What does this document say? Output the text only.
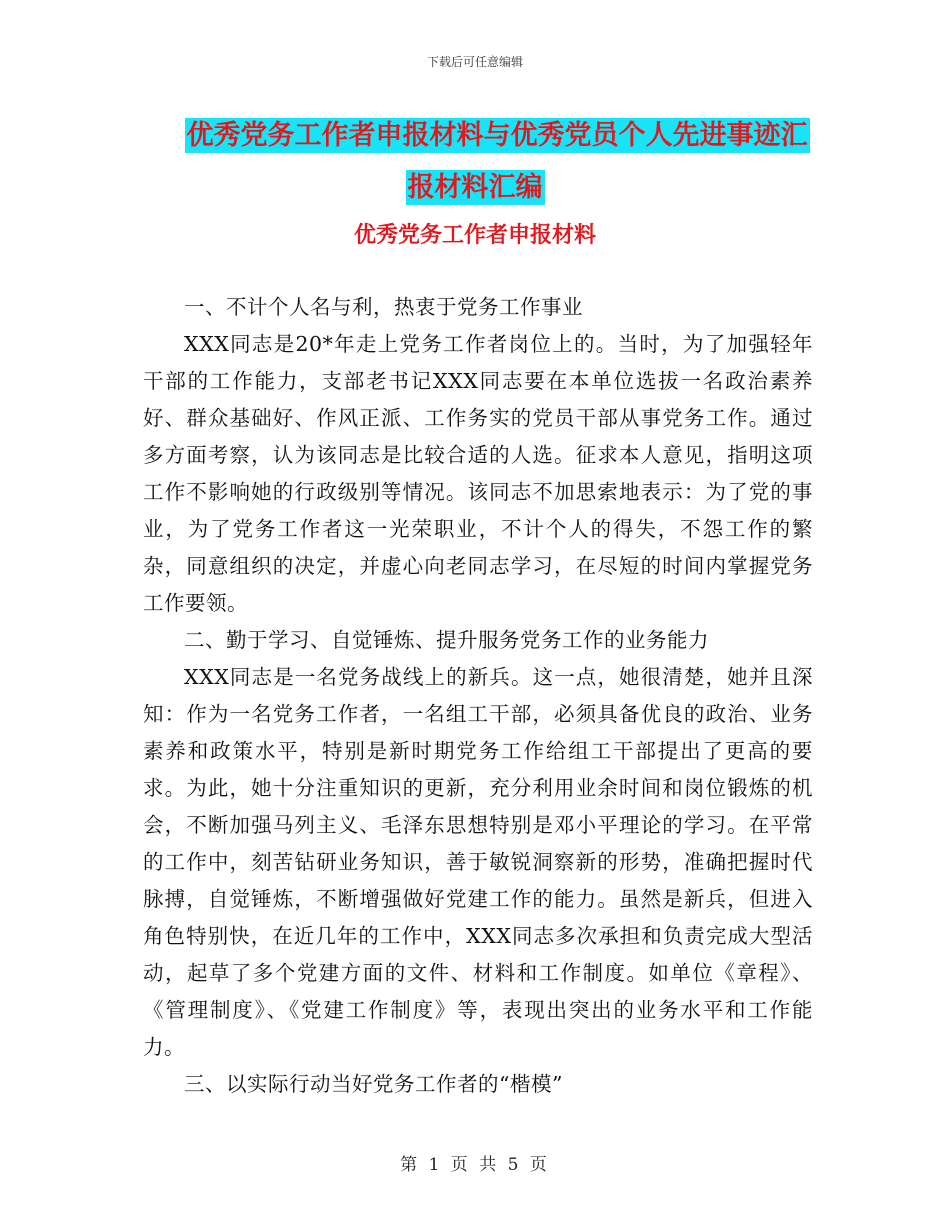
下载后可任意编辑
优秀党务工作者申报材料与优秀党员个人先进事迹汇
报材料汇编
优秀党务工作者申报材料

一、不计个人名与利，热衷于党务工作事业

XXX同志是20*年走上党务工作者岗位上的。当时，为了加强轻年干部的工作能力，支部老书记XXX同志要在本单位选拔一名政治素养好、群众基础好、作风正派、工作务实的党员干部从事党务工作。通过多方面考察，认为该同志是比较合适的人选。征求本人意见，指明这项工作不影响她的行政级别等情况。该同志不加思索地表示：为了党的事业，为了党务工作者这一光荣职业，不计个人的得失，不怨工作的繁杂，同意组织的决定，并虚心向老同志学习，在尽短的时间内掌握党务工作要领。

二、勤于学习、自觉锤炼、提升服务党务工作的业务能力

XXX同志是一名党务战线上的新兵。这一点，她很清楚，她并且深知：作为一名党务工作者，一名组工干部，必须具备优良的政治、业务素养和政策水平，特别是新时期党务工作给组工干部提出了更高的要求。为此，她十分注重知识的更新，充分利用业余时间和岗位锻炼的机会，不断加强马列主义、毛泽东思想特别是邓小平理论的学习。在平常的工作中，刻苦钻研业务知识，善于敏锐洞察新的形势，准确把握时代脉搏，自觉锤炼，不断增强做好党建工作的能力。虽然是新兵，但进入角色特别快，在近几年的工作中，XXX同志多次承担和负责完成大型活动，起草了多个党建方面的文件、材料和工作制度。如单位《章程》、《管理制度》、《党建工作制度》等，表现出突出的业务水平和工作能力。

三、以实际行动当好党务工作者的“楷模”

第 1 页 共 5 页
